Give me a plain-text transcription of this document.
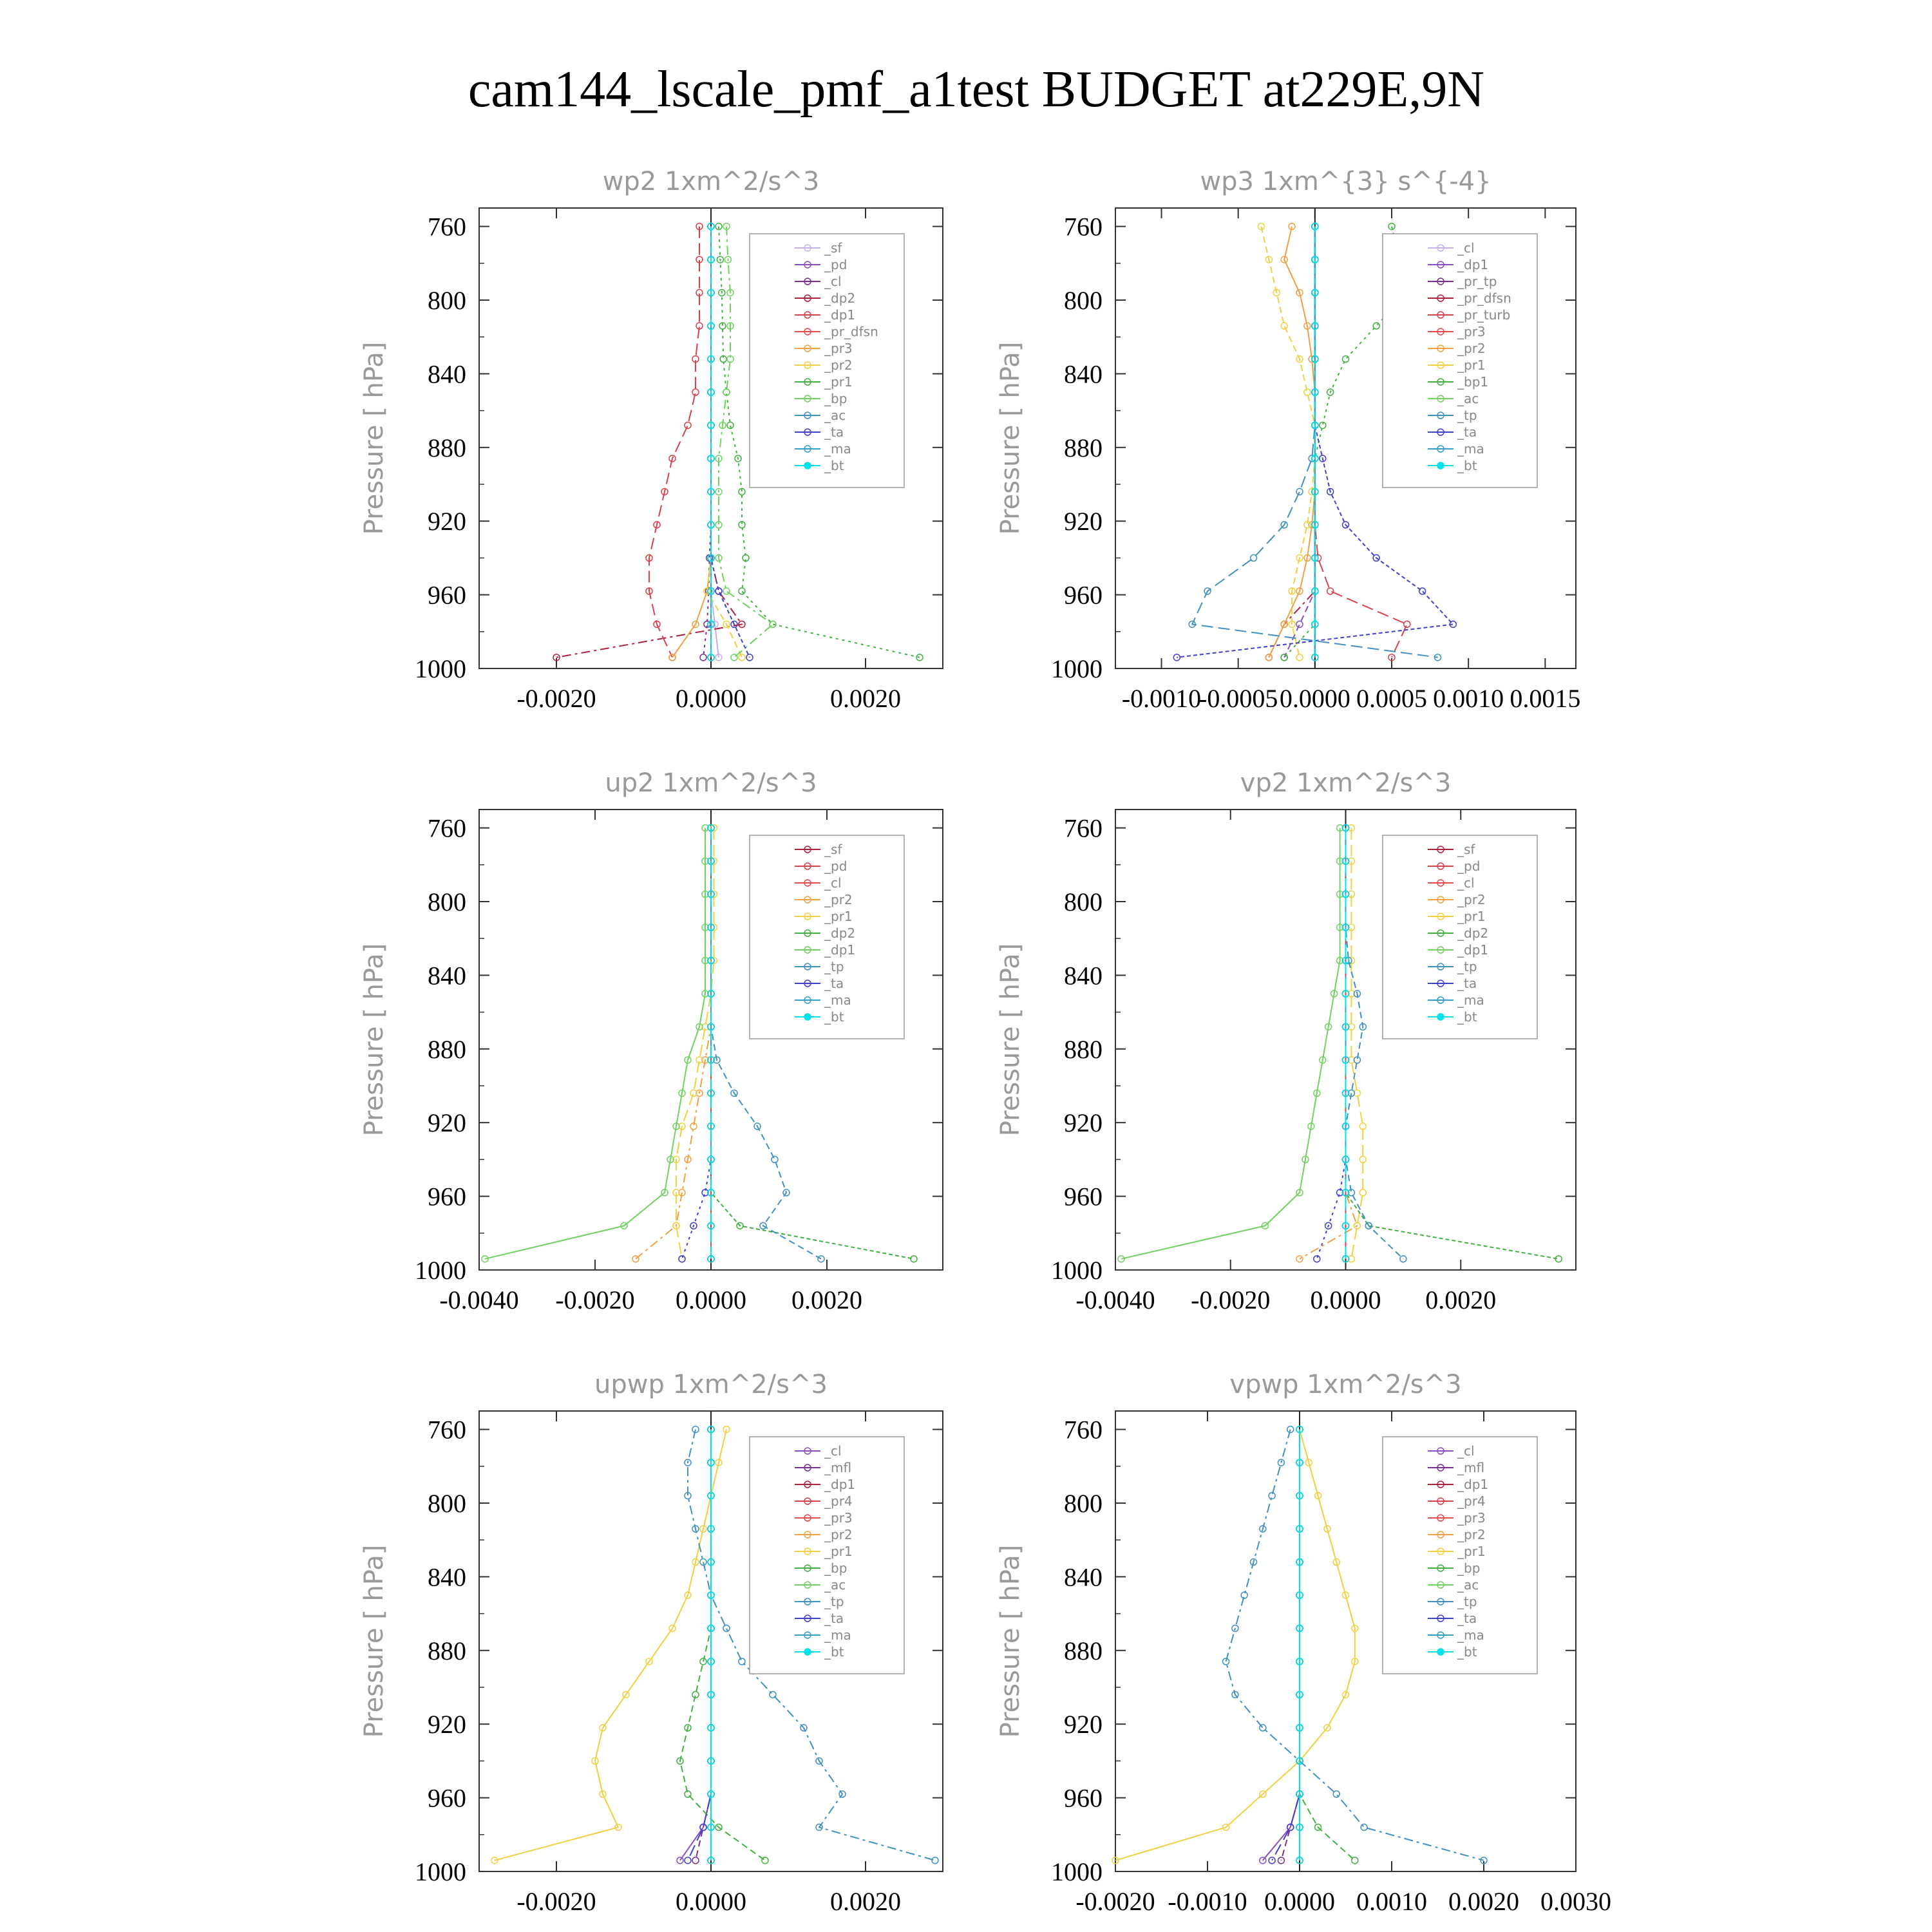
cam144_lscale_pmf_a1test BUDGET at229E,9N
wp2 1xm^2/s^3
Pressure [ hPa]
760
800
840
880
920
960
1000
-0.0020	0.0000	0.0020
_sf
_pd
_cl
_dp2
_dp1
_pr_dfsn
_pr3
_pr2
_pr1
_bp
_ac
_ta
_ma
_bt
wp3 1xm^{3} s^{-4}
Pressure [ hPa]
760
800
840
880
920
960
1000
-0.0010
-0.0005 0.0000 0.0005 0.0010 0.0015
_cl
_dp1
_pr_tp
_pr_dfsn
_pr_turb
_pr3
_pr2
_pr1
_bp1
_ac
_tp
_ta
_ma
_bt
up2 1xm^2/s^3
Pressure [ hPa]
760
800
840
880
920
960
1000
-0.0040 -0.0020 0.0000 0.0020
_sf
_pd
_cl
_pr2
_pr1
_dp2
_dp1
_tp
_ta
_ma
_bt
vp2 1xm^2/s^3
Pressure [ hPa]
760
800
840
880
920
960
1000
-0.0040 -0.0020 0.0000 0.0020
_sf
_pd
_cl
_pr2
_pr1
_dp2
_dp1
_tp
_ta
_ma
_bt
upwp 1xm^2/s^3
Pressure [ hPa]
760
800
840
880
920
960
1000
-0.0020	0.0000	0.0020
_cl
_mfl
_dp1
_pr4
_pr3
_pr2
_pr1
_bp
_ac
_tp
_ta
_ma
_bt
vpwp 1xm^2/s^3
Pressure [ hPa]
760
800
840
880
920
960
1000
-0.0020 -0.0010 0.0000 0.0010 0.0020 0.0030
_cl
_mfl
_dp1
_pr4
_pr3
_pr2
_pr1
_bp
_ac
_tp
_ta
_ma
_bt
